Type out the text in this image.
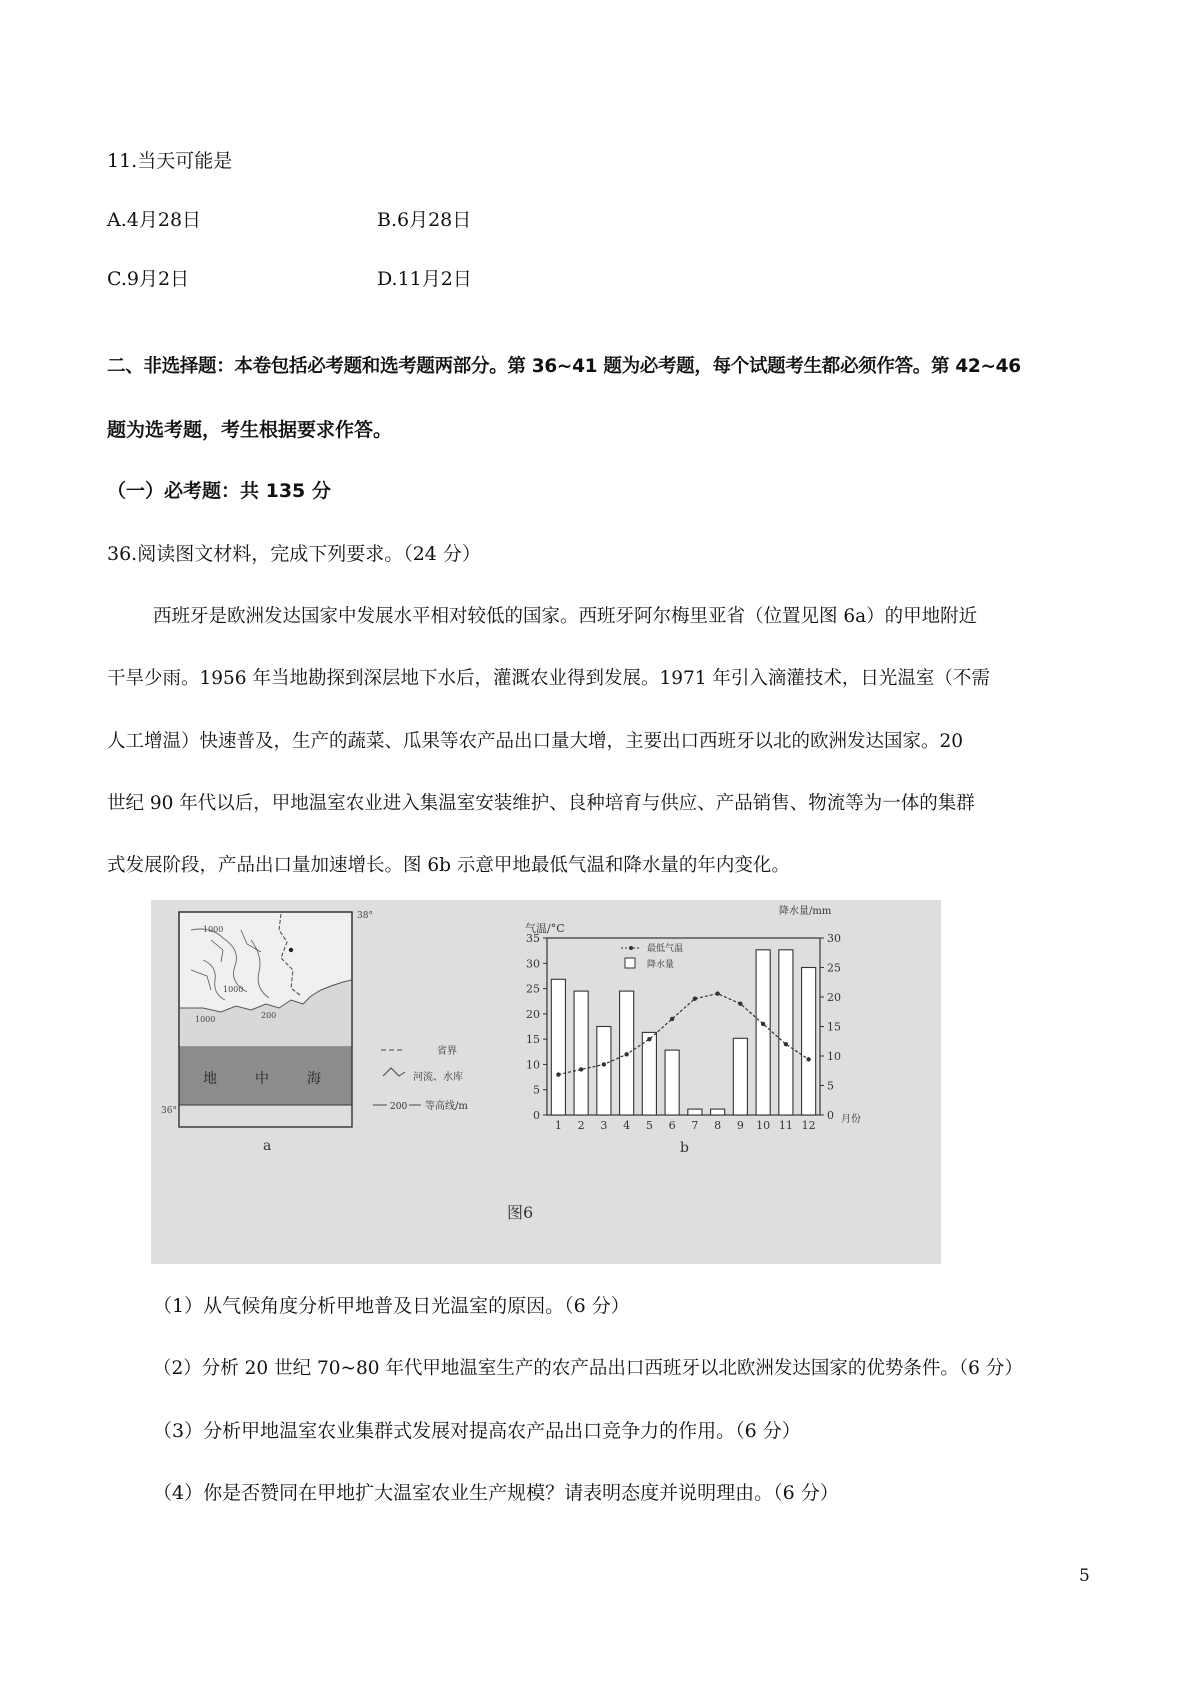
11.当天可能是
A.4月28日	B.6月28日
C.9月2日	D.11月2日
二、非选择题：本卷包括必考题和选考题两部分。第 36~41 题为必考题，每个试题考生都必须作答。第 42~46
题为选考题，考生根据要求作答。
（一）必考题：共 135 分
36.阅读图文材料，完成下列要求。（24 分）
西班牙是欧洲发达国家中发展水平相对较低的国家。西班牙阿尔梅里亚省（位置见图 6a）的甲地附近
干旱少雨。1956 年当地勘探到深层地下水后，灌溉农业得到发展。1971 年引入滴灌技术，日光温室（不需
人工增温）快速普及，生产的蔬菜、瓜果等农产品出口量大增，主要出口西班牙以北的欧洲发达国家。20
世纪 90 年代以后，甲地温室农业进入集温室安装维护、良种培育与供应、产品销售、物流等为一体的集群
式发展阶段，产品出口量加速增长。图 6b 示意甲地最低气温和降水量的年内变化。
1000
1000
1000	200
38°
36°
地	中	海
a
省界
河流、水库
200 等高线/m
气温/°C
降水量/mm
月份
0
5
10
15
20
25
30
35
0
5
10
15
20
25
30
1 2 3 4 5 6 7 8 9 10 11 12
最低气温
降水量
b
图6
（1）从气候角度分析甲地普及日光温室的原因。（6 分）
（2）分析 20 世纪 70~80 年代甲地温室生产的农产品出口西班牙以北欧洲发达国家的优势条件。（6 分）
（3）分析甲地温室农业集群式发展对提高农产品出口竞争力的作用。（6 分）
（4）你是否赞同在甲地扩大温室农业生产规模？请表明态度并说明理由。（6 分）
5
